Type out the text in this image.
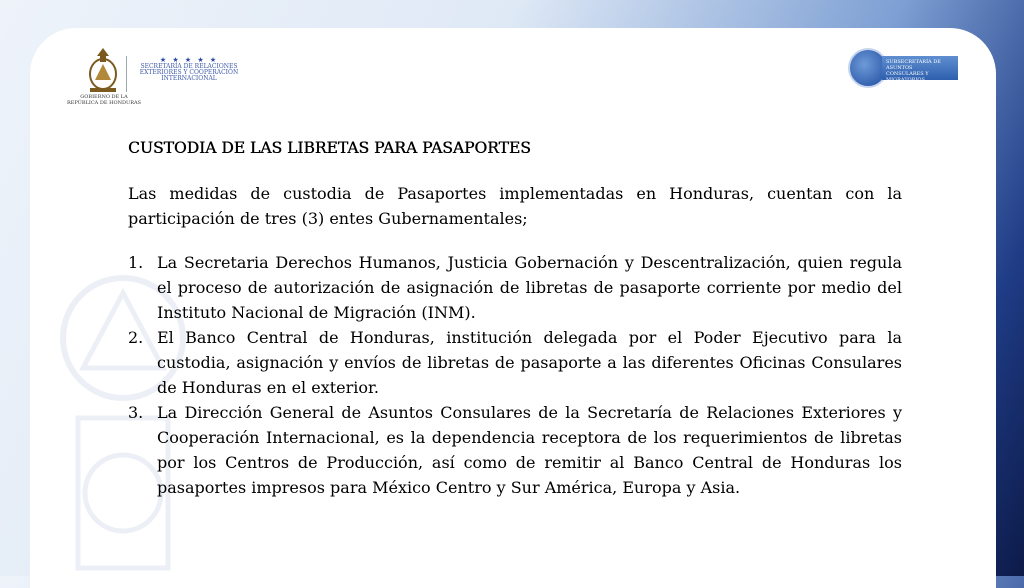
GOBIERNO DE LA
REPÚBLICA DE HONDURAS
★ ★ ★ ★ ★
SECRETARÍA DE RELACIONES
EXTERIORES Y COOPERACIÓN
INTERNACIONAL
SUBSECRETARÍA DE ASUNTOS
CONSULARES Y MIGRATORIOS
CUSTODIA DE LAS LIBRETAS PARA PASAPORTES

Las medidas de custodia de Pasaportes implementadas en Honduras, cuentan con la participación de tres (3) entes Gubernamentales;

1. La Secretaria Derechos Humanos, Justicia Gobernación y Descentralización, quien regula el proceso de autorización de asignación de libretas de pasaporte corriente por medio del Instituto Nacional de Migración (INM).
2. El Banco Central de Honduras, institución delegada por el Poder Ejecutivo para la custodia, asignación y envíos de libretas de pasaporte a las diferentes Oficinas Consulares de Honduras en el exterior.
3. La Dirección General de Asuntos Consulares de la Secretaría de Relaciones Exteriores y Cooperación Internacional, es la dependencia receptora de los requerimientos de libretas por los Centros de Producción, así como de remitir al Banco Central de Honduras los pasaportes impresos para México Centro y Sur América, Europa y Asia.
